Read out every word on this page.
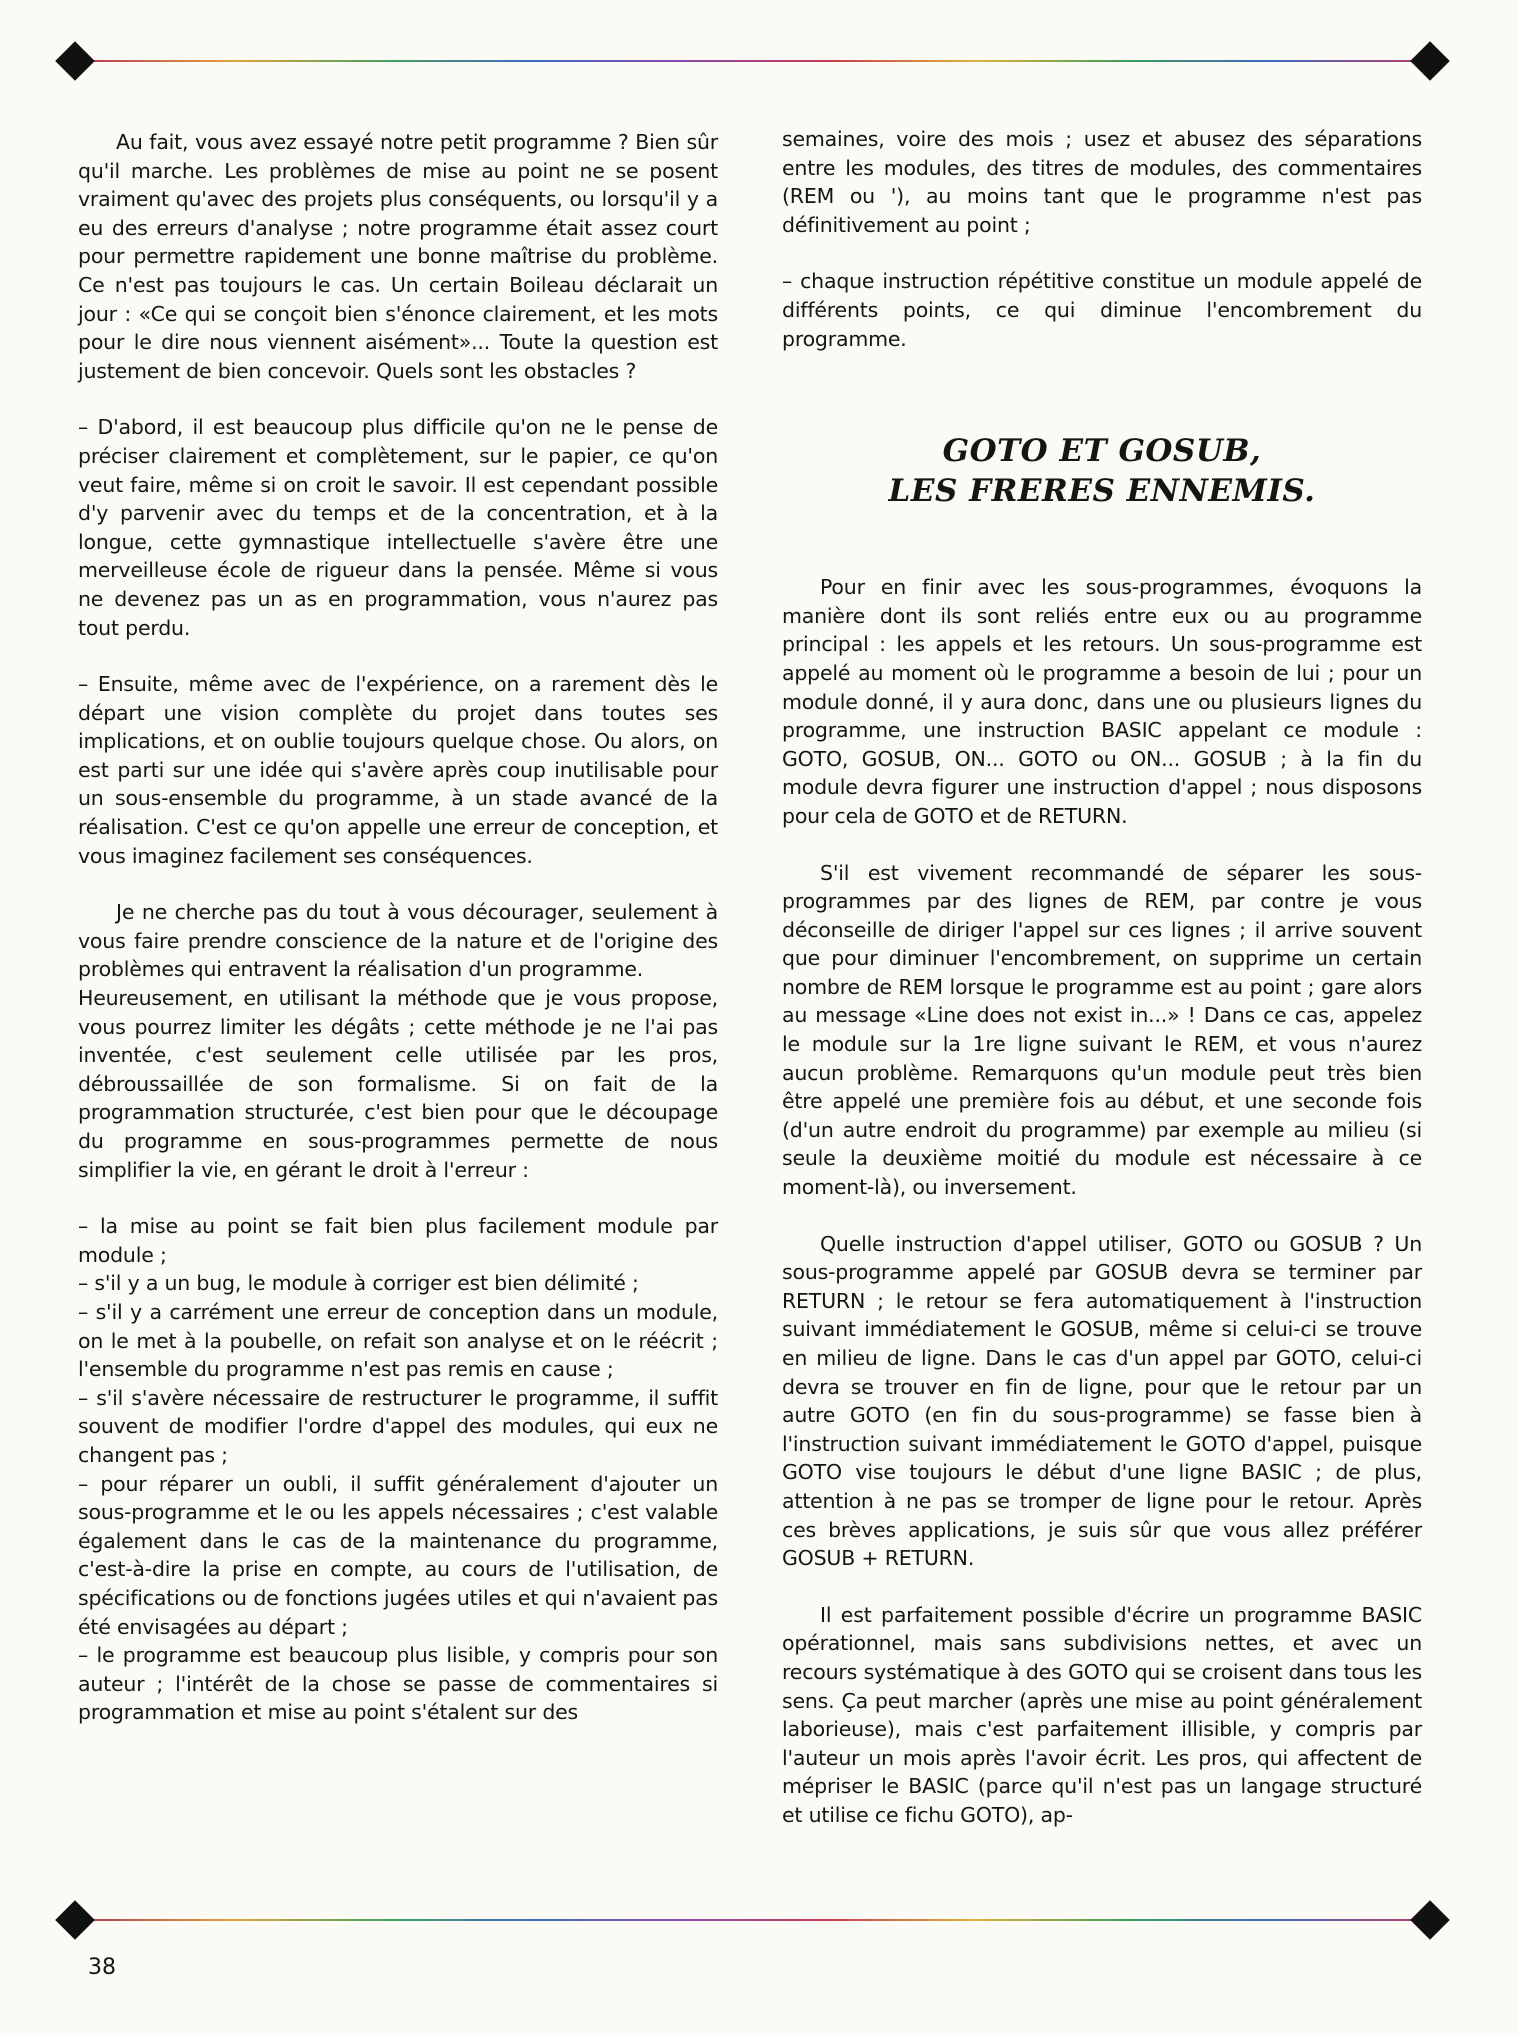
Au fait, vous avez essayé notre petit programme ? Bien sûr qu'il marche. Les problèmes de mise au point ne se posent vraiment qu'avec des projets plus conséquents, ou lorsqu'il y a eu des erreurs d'analyse ; notre programme était assez court pour permettre rapidement une bonne maîtrise du problème. Ce n'est pas toujours le cas. Un certain Boileau déclarait un jour : «Ce qui se conçoit bien s'énonce clairement, et les mots pour le dire nous viennent aisément»... Toute la question est justement de bien concevoir. Quels sont les obstacles ?

– D'abord, il est beaucoup plus difficile qu'on ne le pense de préciser clairement et complètement, sur le papier, ce qu'on veut faire, même si on croit le savoir. Il est cependant possible d'y parvenir avec du temps et de la concentration, et à la longue, cette gymnastique intellectuelle s'avère être une merveilleuse école de rigueur dans la pensée. Même si vous ne devenez pas un as en programmation, vous n'aurez pas tout perdu.

– Ensuite, même avec de l'expérience, on a rarement dès le départ une vision complète du projet dans toutes ses implications, et on oublie toujours quelque chose. Ou alors, on est parti sur une idée qui s'avère après coup inutilisable pour un sous-ensemble du programme, à un stade avancé de la réalisation. C'est ce qu'on appelle une erreur de conception, et vous imaginez facilement ses conséquences.

Je ne cherche pas du tout à vous décourager, seulement à vous faire prendre conscience de la nature et de l'origine des problèmes qui entravent la réalisation d'un programme.

Heureusement, en utilisant la méthode que je vous propose, vous pourrez limiter les dégâts ; cette méthode je ne l'ai pas inventée, c'est seulement celle utilisée par les pros, débroussaillée de son formalisme. Si on fait de la programmation structurée, c'est bien pour que le découpage du programme en sous-programmes permette de nous simplifier la vie, en gérant le droit à l'erreur :

– la mise au point se fait bien plus facilement module par module ;

– s'il y a un bug, le module à corriger est bien délimité ;

– s'il y a carrément une erreur de conception dans un module, on le met à la poubelle, on refait son analyse et on le réécrit ; l'ensemble du programme n'est pas remis en cause ;

– s'il s'avère nécessaire de restructurer le programme, il suffit souvent de modifier l'ordre d'appel des modules, qui eux ne changent pas ;

– pour réparer un oubli, il suffit généralement d'ajouter un sous-programme et le ou les appels nécessaires ; c'est valable également dans le cas de la maintenance du programme, c'est-à-dire la prise en compte, au cours de l'utilisation, de spécifications ou de fonctions jugées utiles et qui n'avaient pas été envisagées au départ ;

– le programme est beaucoup plus lisible, y compris pour son auteur ; l'intérêt de la chose se passe de commentaires si programmation et mise au point s'étalent sur des

semaines, voire des mois ; usez et abusez des séparations entre les modules, des titres de modules, des commentaires (REM ou '), au moins tant que le programme n'est pas définitivement au point ;

– chaque instruction répétitive constitue un module appelé de différents points, ce qui diminue l'encombrement du programme.

GOTO ET GOSUB,
LES FRERES ENNEMIS.

Pour en finir avec les sous-programmes, évoquons la manière dont ils sont reliés entre eux ou au programme principal : les appels et les retours. Un sous-programme est appelé au moment où le programme a besoin de lui ; pour un module donné, il y aura donc, dans une ou plusieurs lignes du programme, une instruction BASIC appelant ce module : GOTO, GOSUB, ON... GOTO ou ON... GOSUB ; à la fin du module devra figurer une instruction d'appel ; nous disposons pour cela de GOTO et de RETURN.

S'il est vivement recommandé de séparer les sous-programmes par des lignes de REM, par contre je vous déconseille de diriger l'appel sur ces lignes ; il arrive souvent que pour diminuer l'encombrement, on supprime un certain nombre de REM lorsque le programme est au point ; gare alors au message «Line does not exist in...» ! Dans ce cas, appelez le module sur la 1re ligne suivant le REM, et vous n'aurez aucun problème. Remarquons qu'un module peut très bien être appelé une première fois au début, et une seconde fois (d'un autre endroit du programme) par exemple au milieu (si seule la deuxième moitié du module est nécessaire à ce moment-là), ou inversement.

Quelle instruction d'appel utiliser, GOTO ou GOSUB ? Un sous-programme appelé par GOSUB devra se terminer par RETURN ; le retour se fera automatiquement à l'instruction suivant immédiatement le GOSUB, même si celui-ci se trouve en milieu de ligne. Dans le cas d'un appel par GOTO, celui-ci devra se trouver en fin de ligne, pour que le retour par un autre GOTO (en fin du sous-programme) se fasse bien à l'instruction suivant immédiatement le GOTO d'appel, puisque GOTO vise toujours le début d'une ligne BASIC ; de plus, attention à ne pas se tromper de ligne pour le retour. Après ces brèves applications, je suis sûr que vous allez préférer GOSUB + RETURN.

Il est parfaitement possible d'écrire un programme BASIC opérationnel, mais sans subdivisions nettes, et avec un recours systématique à des GOTO qui se croisent dans tous les sens. Ça peut marcher (après une mise au point généralement laborieuse), mais c'est parfaitement illisible, y compris par l'auteur un mois après l'avoir écrit. Les pros, qui affectent de mépriser le BASIC (parce qu'il n'est pas un langage structuré et utilise ce fichu GOTO), ap-

38
